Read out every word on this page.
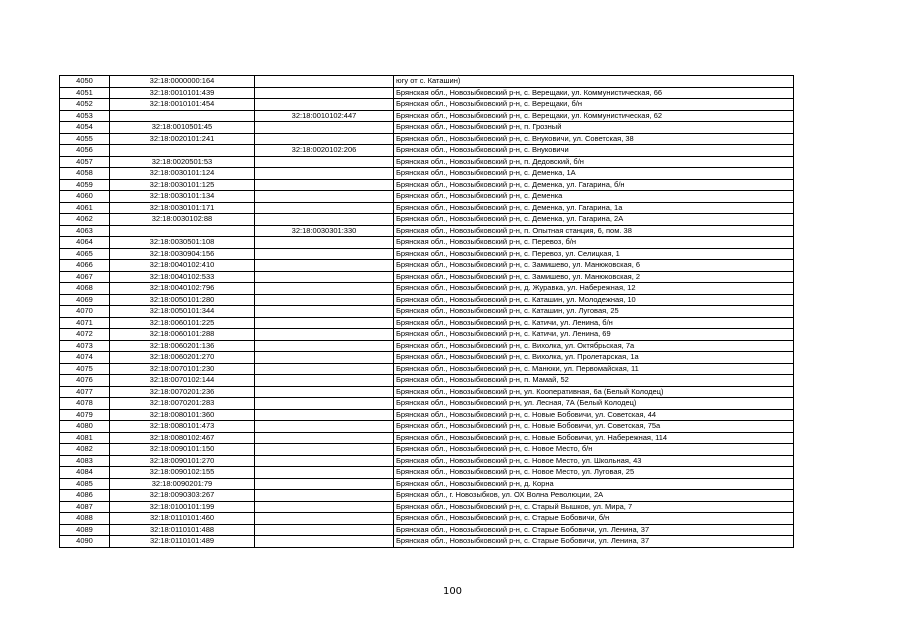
4050	32:18:0000000:164		югу от с. Каташин)
4051	32:18:0010101:439		Брянская обл., Новозыбковский р-н, с. Верещаки, ул. Коммунистическая, 66
4052	32:18:0010101:454		Брянская обл., Новозыбковский р-н, с. Верещаки, б/н
4053		32:18:0010102:447	Брянская обл., Новозыбковский р-н, с. Верещаки, ул. Коммунистическая, 62
4054	32:18:0010501:45		Брянская обл., Новозыбковский р-н, п. Грозный
4055	32:18:0020101:241		Брянская обл., Новозыбковский р-н, с. Внуковичи, ул. Советская, 38
4056		32:18:0020102:206	Брянская обл., Новозыбковский р-н, с. Внуковичи
4057	32:18:0020501:53		Брянская обл., Новозыбковский р-н, п. Дедовский, б/н
4058	32:18:0030101:124		Брянская обл., Новозыбковский р-н, с. Деменка, 1А
4059	32:18:0030101:125		Брянская обл., Новозыбковский р-н, с. Деменка, ул. Гагарина, б/н
4060	32:18:0030101:134		Брянская обл., Новозыбковский р-н, с. Деменка
4061	32:18:0030101:171		Брянская обл., Новозыбковский р-н, с. Деменка, ул. Гагарина, 1а
4062	32:18:0030102:88		Брянская обл., Новозыбковский р-н, с. Деменка, ул. Гагарина, 2А
4063		32:18:0030301:330	Брянская обл., Новозыбковский р-н, п. Опытная станция, 6, пом. 38
4064	32:18:0030501:108		Брянская обл., Новозыбковский р-н, с. Перевоз, б/н
4065	32:18:0030904:156		Брянская обл., Новозыбковский р-н, с. Перевоз, ул. Селицкая, 1
4066	32:18:0040102:410		Брянская обл., Новозыбковский р-н, с. Замишево, ул. Манюковская, 6
4067	32:18:0040102:533		Брянская обл., Новозыбковский р-н, с. Замишево, ул. Манюковская, 2
4068	32:18:0040102:796		Брянская обл., Новозыбковский р-н, д. Журавка, ул. Набережная, 12
4069	32:18:0050101:280		Брянская обл., Новозыбковский р-н, с. Каташин, ул. Молодежная, 10
4070	32:18:0050101:344		Брянская обл., Новозыбковский р-н, с. Каташин, ул. Луговая, 25
4071	32:18:0060101:225		Брянская обл., Новозыбковский р-н, с. Катичи, ул. Ленина, б/н
4072	32:18:0060101:288		Брянская обл., Новозыбковский р-н, с. Катичи, ул. Ленина, 69
4073	32:18:0060201:136		Брянская обл., Новозыбковский р-н, с. Вихолка, ул. Октябрьская, 7а
4074	32:18:0060201:270		Брянская обл., Новозыбковский р-н, с. Вихолка, ул. Пролетарская, 1а
4075	32:18:0070101:230		Брянская обл., Новозыбковский р-н, с. Манюки, ул. Первомайская, 11
4076	32:18:0070102:144		Брянская обл., Новозыбковский р-н, п. Мамай, 52
4077	32:18:0070201:236		Брянская обл., Новозыбковский р-н, ул. Кооперативная, 6а (Белый Колодец)
4078	32:18:0070201:283		Брянская обл., Новозыбковский р-н, ул. Лесная, 7А (Белый Колодец)
4079	32:18:0080101:360		Брянская обл., Новозыбковский р-н, с. Новые Бобовичи, ул. Советская, 44
4080	32:18:0080101:473		Брянская обл., Новозыбковский р-н, с. Новые Бобовичи, ул. Советская, 75а
4081	32:18:0080102:467		Брянская обл., Новозыбковский р-н, с. Новые Бобовичи, ул. Набережная, 114
4082	32:18:0090101:150		Брянская обл., Новозыбковский р-н, с. Новое Место, б/н
4083	32:18:0090101:270		Брянская обл., Новозыбковский р-н, с. Новое Место, ул. Школьная, 43
4084	32:18:0090102:155		Брянская обл., Новозыбковский р-н, с. Новое Место, ул. Луговая, 25
4085	32:18:0090201:79		Брянская обл., Новозыбковский р-н, д. Корна
4086	32:18:0090303:267		Брянская обл., г. Новозыбков, ул. ОХ Волна Революции, 2А
4087	32:18:0100101:199		Брянская обл., Новозыбковский р-н, с. Старый Вышков, ул. Мира, 7
4088	32:18:0110101:460		Брянская обл., Новозыбковский р-н, с. Старые Бобовичи, б/н
4089	32:18:0110101:488		Брянская обл., Новозыбковский р-н, с. Старые Бобовичи, ул. Ленина, 37
4090	32:18:0110101:489		Брянская обл., Новозыбковский р-н, с. Старые Бобовичи, ул. Ленина, 37
100
